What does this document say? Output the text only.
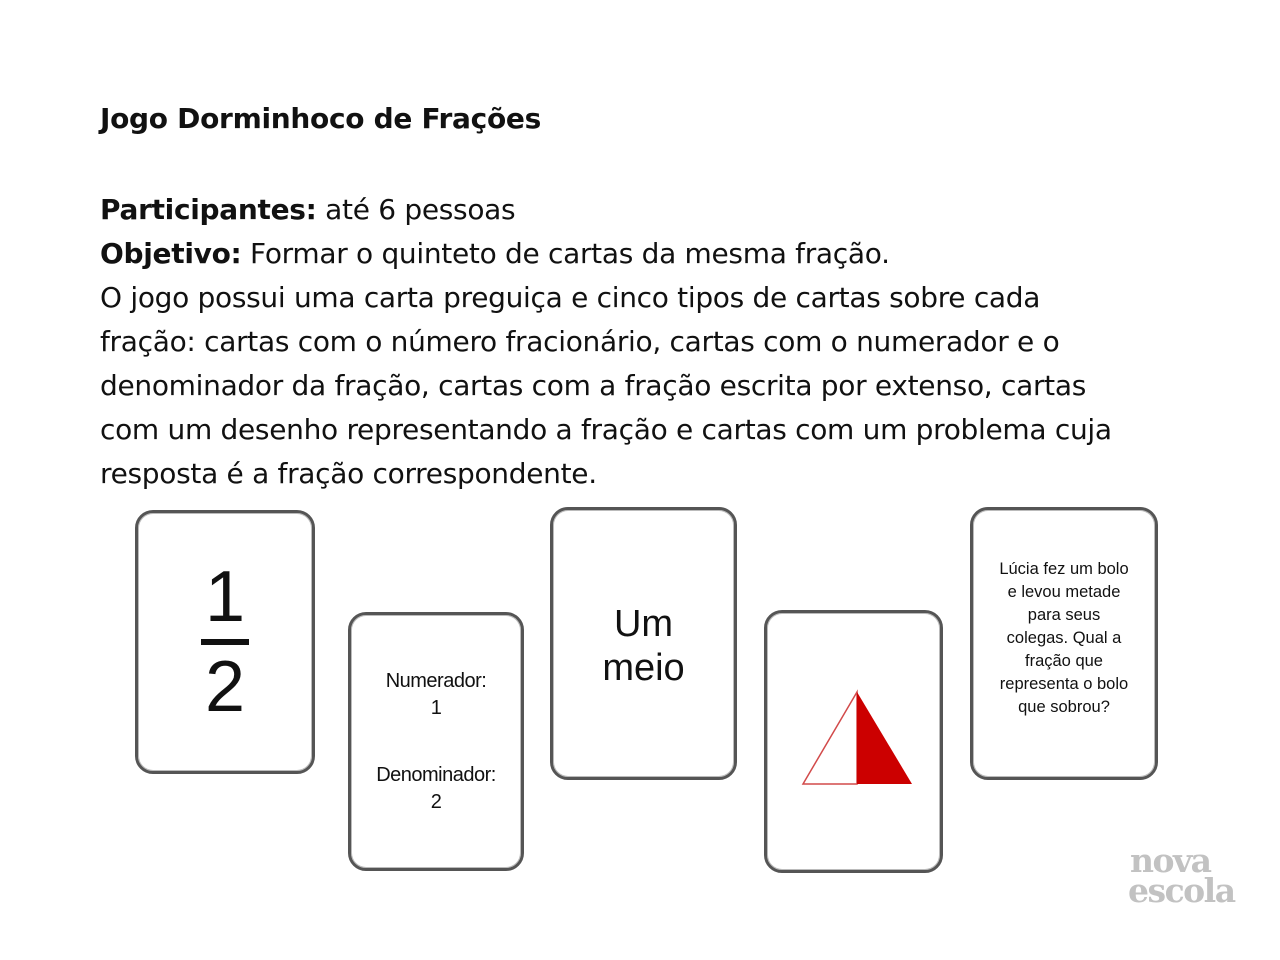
Jogo Dorminhoco de Frações
Participantes: até 6 pessoas
Objetivo: Formar o quinteto de cartas da mesma fração.
O jogo possui uma carta preguiça e cinco tipos de cartas sobre cada
fração: cartas com o número fracionário, cartas com o numerador e o
denominador da fração, cartas com a fração escrita por extenso, cartas
com um desenho representando a fração e cartas com um problema cuja
resposta é a fração correspondente.
1
2	Numerador:
1
Denominador:
2
Um
meio
Lúcia fez um bolo
e levou metade
para seus
colegas. Qual a
fração que
representa o bolo
que sobrou?
nova
escola
